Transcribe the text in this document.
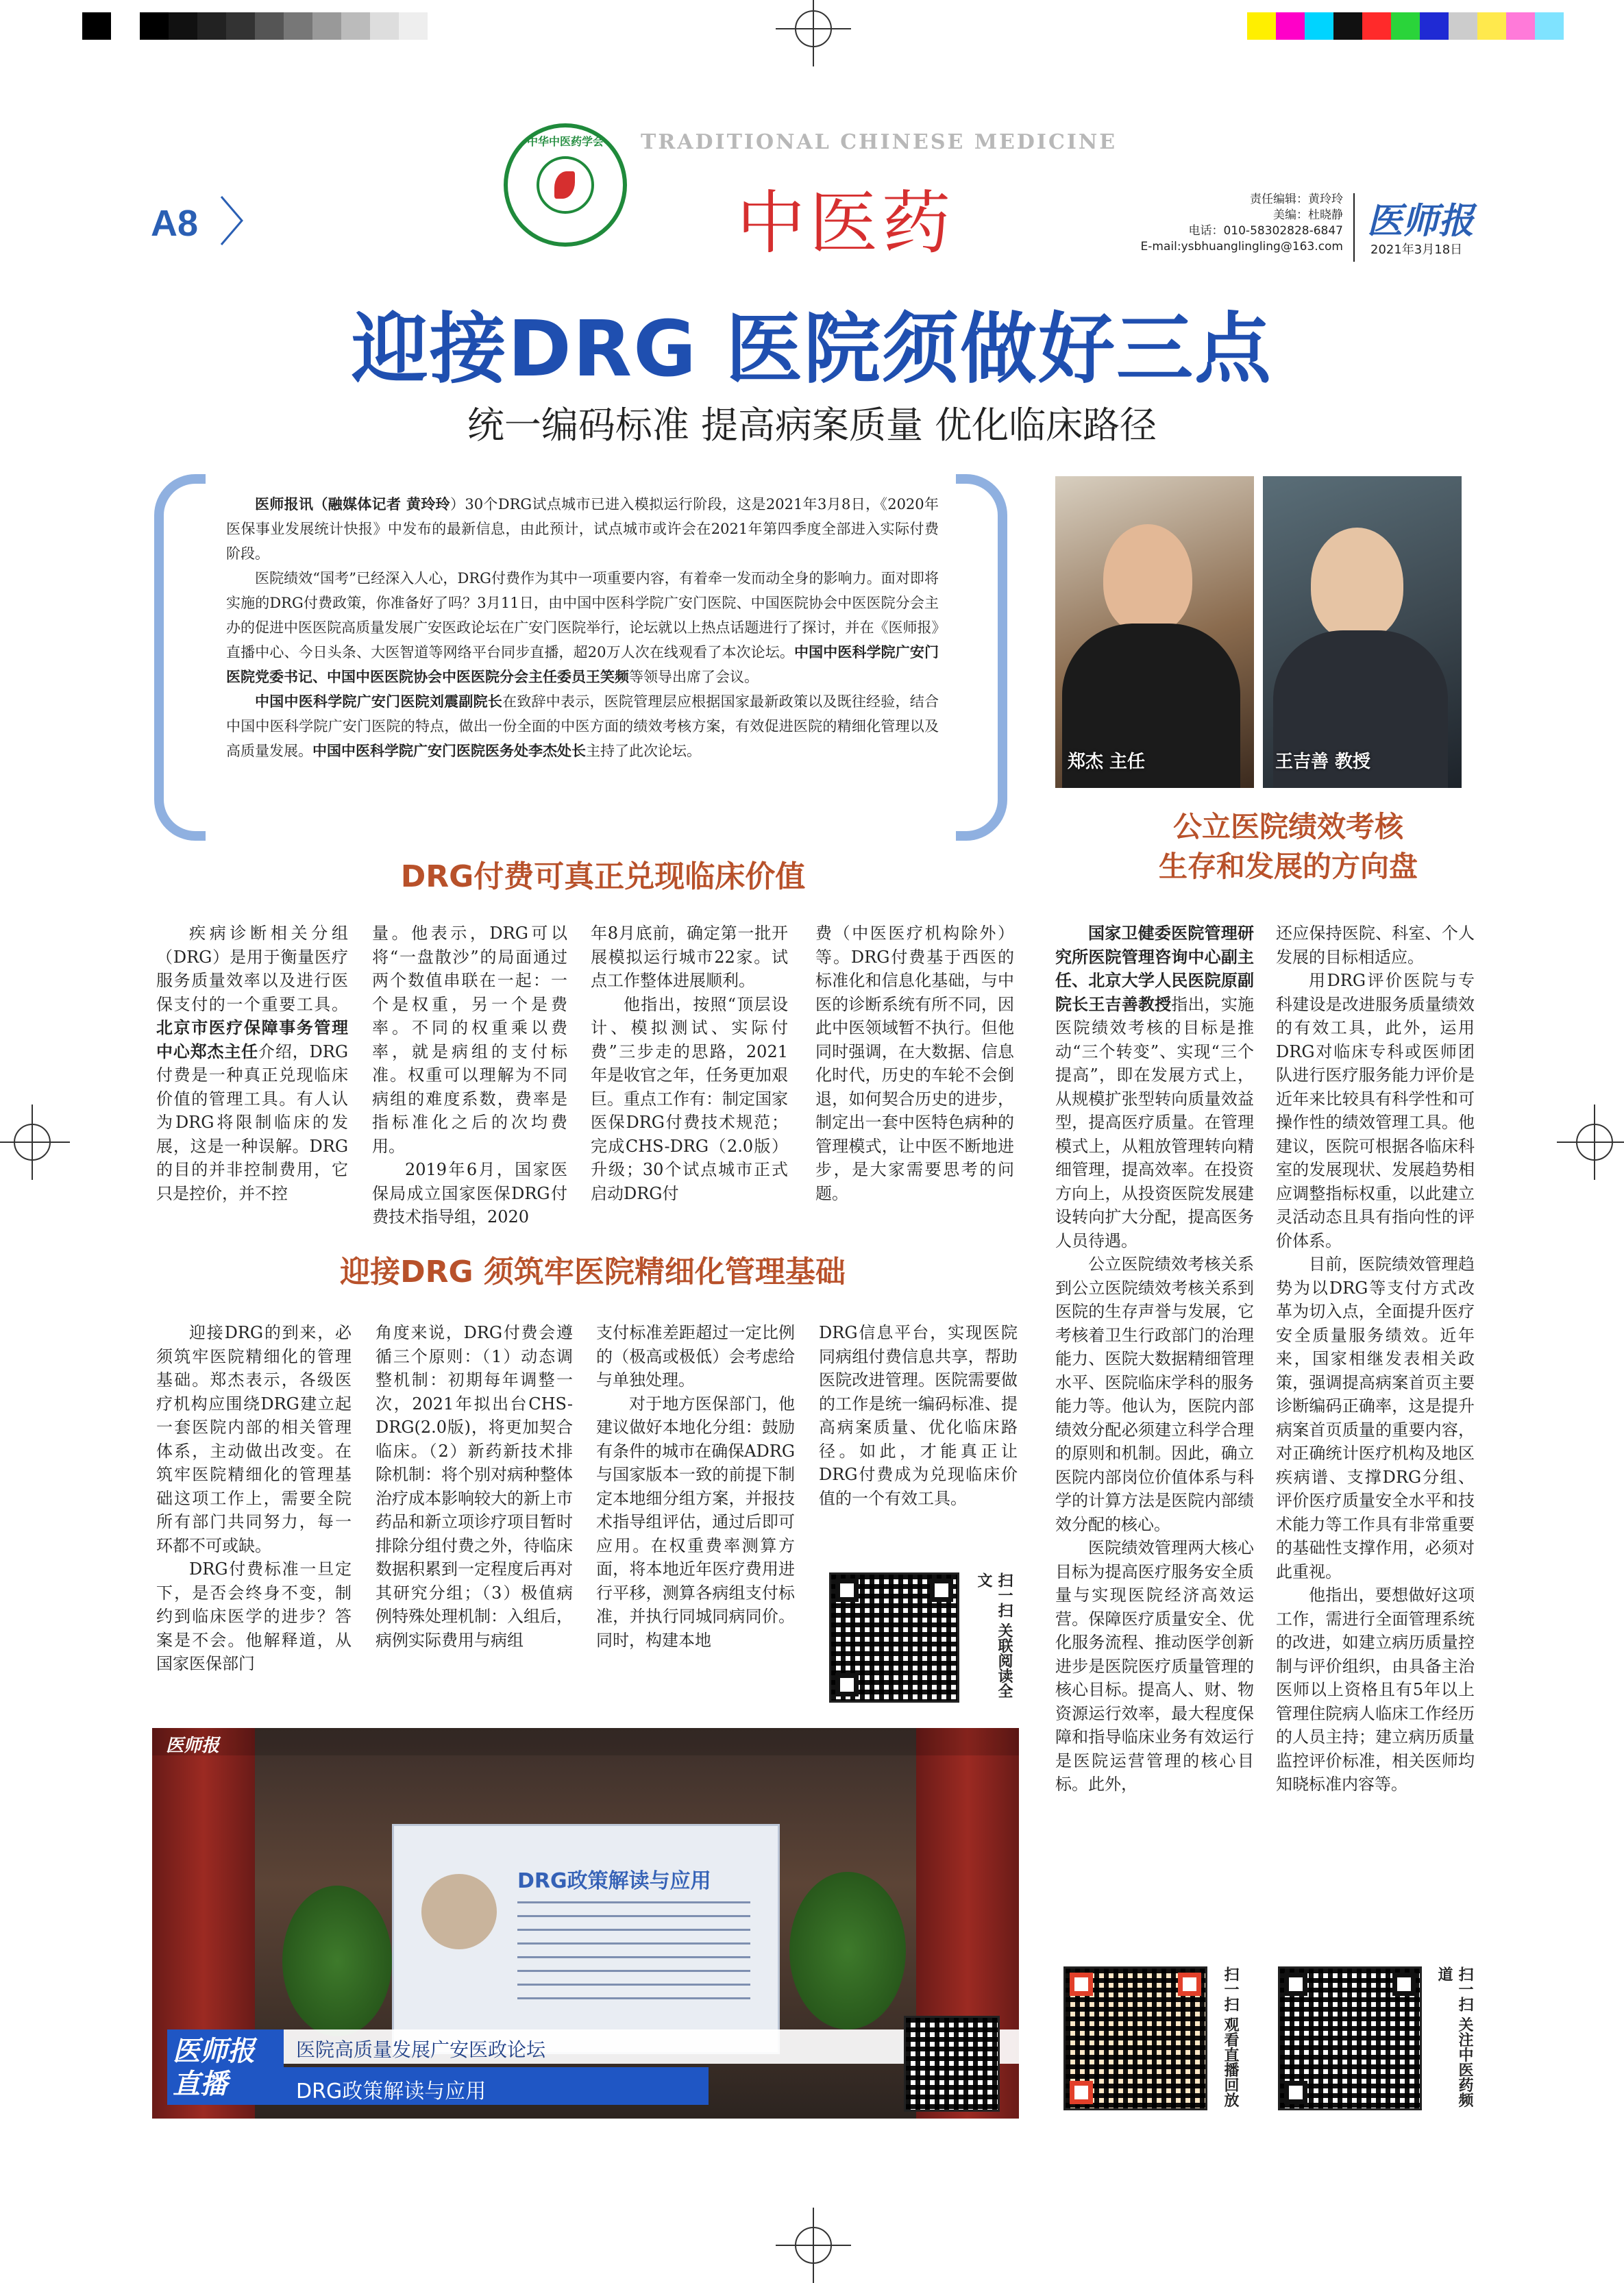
中华中医药学会	TRADITIONAL CHINESE MEDICINE
中医药
A8
责任编辑：黄玲玲
美编：杜晓静
电话：010-58302828-6847
E-mail:ysbhuanglingling@163.com
医师报
2021年3月18日
迎接DRG 医院须做好三点
统一编码标准 提高病案质量 优化临床路径

医师报讯（融媒体记者 黄玲玲）30个DRG试点城市已进入模拟运行阶段，这是2021年3月8日，《2020年医保事业发展统计快报》中发布的最新信息，由此预计，试点城市或许会在2021年第四季度全部进入实际付费阶段。

医院绩效“国考”已经深入人心，DRG付费作为其中一项重要内容，有着牵一发而动全身的影响力。面对即将实施的DRG付费政策，你准备好了吗？3月11日，由中国中医科学院广安门医院、中国医院协会中医医院分会主办的促进中医医院高质量发展广安医政论坛在广安门医院举行，论坛就以上热点话题进行了探讨，并在《医师报》直播中心、今日头条、大医智道等网络平台同步直播，超20万人次在线观看了本次论坛。中国中医科学院广安门医院党委书记、中国中医医院协会中医医院分会主任委员王笑频等领导出席了会议。

中国中医科学院广安门医院刘震副院长在致辞中表示，医院管理层应根据国家最新政策以及既往经验，结合中国中医科学院广安门医院的特点，做出一份全面的中医方面的绩效考核方案，有效促进医院的精细化管理以及高质量发展。中国中医科学院广安门医院医务处李杰处长主持了此次论坛。

郑杰 主任	王吉善 教授
公立医院绩效考核
生存和发展的方向盘
DRG付费可真正兑现临床价值

疾病诊断相关分组（DRG）是用于衡量医疗服务质量效率以及进行医保支付的一个重要工具。北京市医疗保障事务管理中心郑杰主任介绍，DRG付费是一种真正兑现临床价值的管理工具。有人认为DRG将限制临床的发展，这是一种误解。DRG的目的并非控制费用，它只是控价，并不控

量。他表示，DRG可以将“一盘散沙”的局面通过两个数值串联在一起：一个是权重，另一个是费率。不同的权重乘以费率，就是病组的支付标准。权重可以理解为不同病组的难度系数，费率是指标准化之后的次均费用。

2019年6月，国家医保局成立国家医保DRG付费技术指导组，2020

年8月底前，确定第一批开展模拟运行城市22家。试点工作整体进展顺利。

他指出，按照“顶层设计、模拟测试、实际付费”三步走的思路，2021年是收官之年，任务更加艰巨。重点工作有：制定国家医保DRG付费技术规范；完成CHS-DRG（2.0版）升级；30个试点城市正式启动DRG付

费（中医医疗机构除外）等。DRG付费基于西医的标准化和信息化基础，与中医的诊断系统有所不同，因此中医领域暂不执行。但他同时强调，在大数据、信息化时代，历史的车轮不会倒退，如何契合历史的进步，制定出一套中医特色病种的管理模式，让中医不断地进步，是大家需要思考的问题。

国家卫健委医院管理研究所医院管理咨询中心副主任、北京大学人民医院原副院长王吉善教授指出，实施医院绩效考核的目标是推动“三个转变”、实现“三个提高”，即在发展方式上，从规模扩张型转向质量效益型，提高医疗质量。在管理模式上，从粗放管理转向精细管理，提高效率。在投资方向上，从投资医院发展建设转向扩大分配，提高医务人员待遇。

公立医院绩效考核关系到公立医院绩效考核关系到医院的生存声誉与发展，它考核着卫生行政部门的治理能力、医院大数据精细管理水平、医院临床学科的服务能力等。他认为，医院内部绩效分配必须建立科学合理的原则和机制。因此，确立医院内部岗位价值体系与科学的计算方法是医院内部绩效分配的核心。

医院绩效管理两大核心目标为提高医疗服务安全质量与实现医院经济高效运营。保障医疗质量安全、优化服务流程、推动医学创新进步是医院医疗质量管理的核心目标。提高人、财、物资源运行效率，最大程度保障和指导临床业务有效运行是医院运营管理的核心目标。此外，

还应保持医院、科室、个人发展的目标相适应。

用DRG评价医院与专科建设是改进服务质量绩效的有效工具，此外，运用DRG对临床专科或医师团队进行医疗服务能力评价是近年来比较具有科学性和可操作性的绩效管理工具。他建议，医院可根据各临床科室的发展现状、发展趋势相应调整指标权重，以此建立灵活动态且具有指向性的评价体系。

目前，医院绩效管理趋势为以DRG等支付方式改革为切入点，全面提升医疗安全质量服务绩效。近年来，国家相继发表相关政策，强调提高病案首页主要诊断编码正确率，这是提升病案首页质量的重要内容，对正确统计医疗机构及地区疾病谱、支撑DRG分组、评价医疗质量安全水平和技术能力等工作具有非常重要的基础性支撑作用，必须对此重视。

他指出，要想做好这项工作，需进行全面管理系统的改进，如建立病历质量控制与评价组织，由具备主治医师以上资格且有5年以上管理住院病人临床工作经历的人员主持；建立病历质量监控评价标准，相关医师均知晓标准内容等。

迎接DRG 须筑牢医院精细化管理基础

迎接DRG的到来，必须筑牢医院精细化的管理基础。郑杰表示，各级医疗机构应围绕DRG建立起一套医院内部的相关管理体系，主动做出改变。在筑牢医院精细化的管理基础这项工作上，需要全院所有部门共同努力，每一环都不可或缺。

DRG付费标准一旦定下，是否会终身不变，制约到临床医学的进步？答案是不会。他解释道，从国家医保部门

角度来说，DRG付费会遵循三个原则：（1）动态调整机制：初期每年调整一次，2021年拟出台CHS-DRG(2.0版)，将更加契合临床。（2）新药新技术排除机制：将个别对病种整体治疗成本影响较大的新上市药品和新立项诊疗项目暂时排除分组付费之外，待临床数据积累到一定程度后再对其研究分组；（3）极值病例特殊处理机制：入组后，病例实际费用与病组

支付标准差距超过一定比例的（极高或极低）会考虑给与单独处理。

对于地方医保部门，他建议做好本地化分组：鼓励有条件的城市在确保ADRG与国家版本一致的前提下制定本地细分组方案，并报技术指导组评估，通过后即可应用。在权重费率测算方面，将本地近年医疗费用进行平移，测算各病组支付标准，并执行同城同病同价。同时，构建本地

DRG信息平台，实现医院同病组付费信息共享，帮助医院改进管理。医院需要做的工作是统一编码标准、提高病案质量、优化临床路径。如此，才能真正让DRG付费成为兑现临床价值的一个有效工具。

扫一扫 关联阅读全文
DRG政策解读与应用
医师报
医师报
直播
医院高质量发展广安医政论坛
DRG政策解读与应用	扫一扫 观看直播回放	扫一扫 关注中医药频道
